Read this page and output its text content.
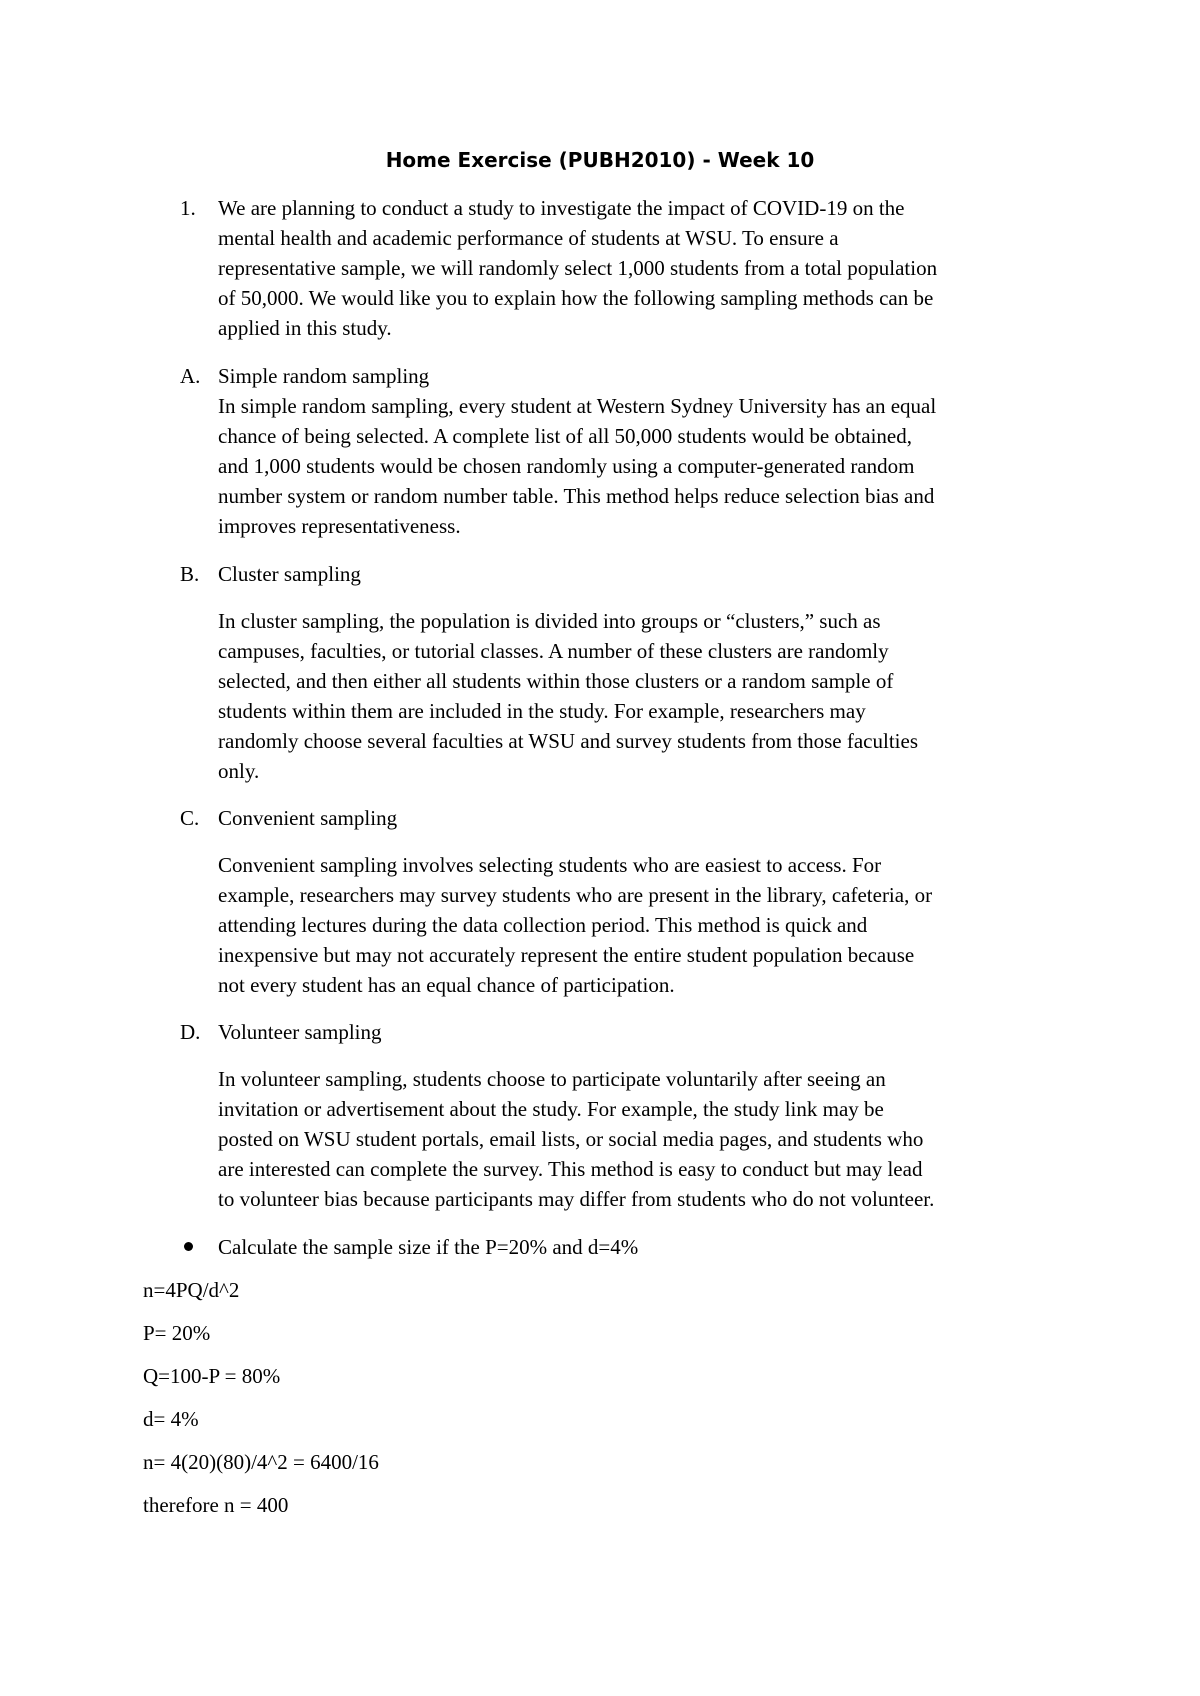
Home Exercise (PUBH2010) - Week 10
1.	We are planning to conduct a study to investigate the impact of COVID-19 on the
mental health and academic performance of students at WSU. To ensure a
representative sample, we will randomly select 1,000 students from a total population
of 50,000. We would like you to explain how the following sampling methods can be
applied in this study.
A. Simple random sampling
In simple random sampling, every student at Western Sydney University has an equal
chance of being selected. A complete list of all 50,000 students would be obtained,
and 1,000 students would be chosen randomly using a computer-generated random
number system or random number table. This method helps reduce selection bias and
improves representativeness.
B. Cluster sampling
In cluster sampling, the population is divided into groups or “clusters,” such as
campuses, faculties, or tutorial classes. A number of these clusters are randomly
selected, and then either all students within those clusters or a random sample of
students within them are included in the study. For example, researchers may
randomly choose several faculties at WSU and survey students from those faculties
only.
C. Convenient sampling
Convenient sampling involves selecting students who are easiest to access. For
example, researchers may survey students who are present in the library, cafeteria, or
attending lectures during the data collection period. This method is quick and
inexpensive but may not accurately represent the entire student population because
not every student has an equal chance of participation.
D. Volunteer sampling
In volunteer sampling, students choose to participate voluntarily after seeing an
invitation or advertisement about the study. For example, the study link may be
posted on WSU student portals, email lists, or social media pages, and students who
are interested can complete the survey. This method is easy to conduct but may lead
to volunteer bias because participants may differ from students who do not volunteer.
Calculate the sample size if the P=20% and d=4%

n=4PQ/d^2

P= 20%

Q=100-P = 80%

d= 4%

n= 4(20)(80)/4^2 = 6400/16

therefore n = 400
